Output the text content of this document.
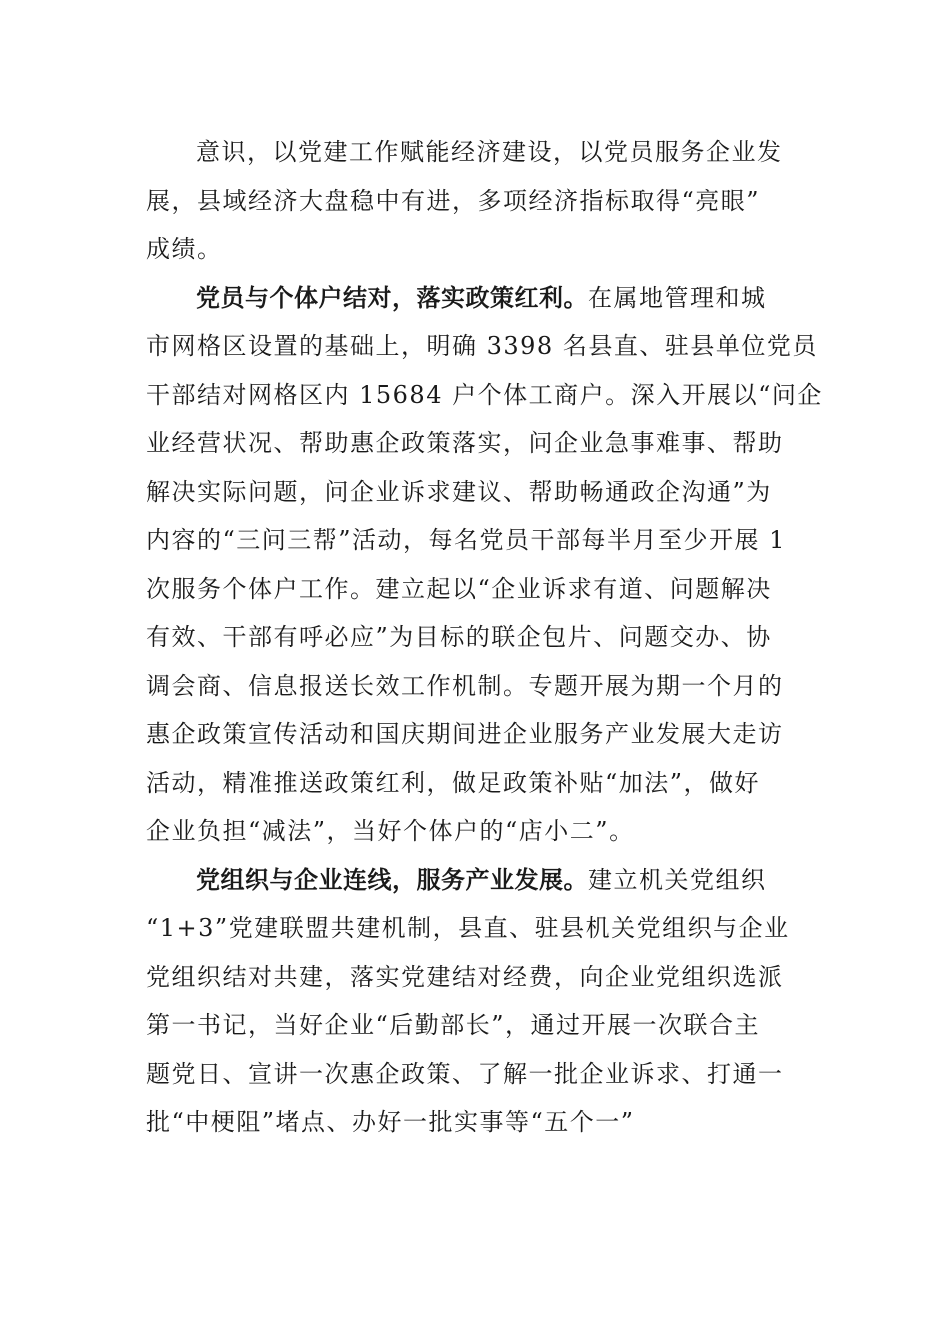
意识，以党建工作赋能经济建设，以党员服务企业发
展，县域经济大盘稳中有进，多项经济指标取得“亮眼”
成绩。
党员与个体户结对，落实政策红利。在属地管理和城
市网格区设置的基础上，明确 3398 名县直、驻县单位党员
干部结对网格区内 15684 户个体工商户。深入开展以“问企
业经营状况、帮助惠企政策落实，问企业急事难事、帮助
解决实际问题，问企业诉求建议、帮助畅通政企沟通”为
内容的“三问三帮”活动，每名党员干部每半月至少开展 1
次服务个体户工作。建立起以“企业诉求有道、问题解决
有效、干部有呼必应”为目标的联企包片、问题交办、协
调会商、信息报送长效工作机制。专题开展为期一个月的
惠企政策宣传活动和国庆期间进企业服务产业发展大走访
活动，精准推送政策红利，做足政策补贴“加法”，做好
企业负担“减法”，当好个体户的“店小二”。
党组织与企业连线，服务产业发展。建立机关党组织
“1+3”党建联盟共建机制，县直、驻县机关党组织与企业
党组织结对共建，落实党建结对经费，向企业党组织选派
第一书记，当好企业“后勤部长”，通过开展一次联合主
题党日、宣讲一次惠企政策、了解一批企业诉求、打通一
批“中梗阻”堵点、办好一批实事等“五个一”
